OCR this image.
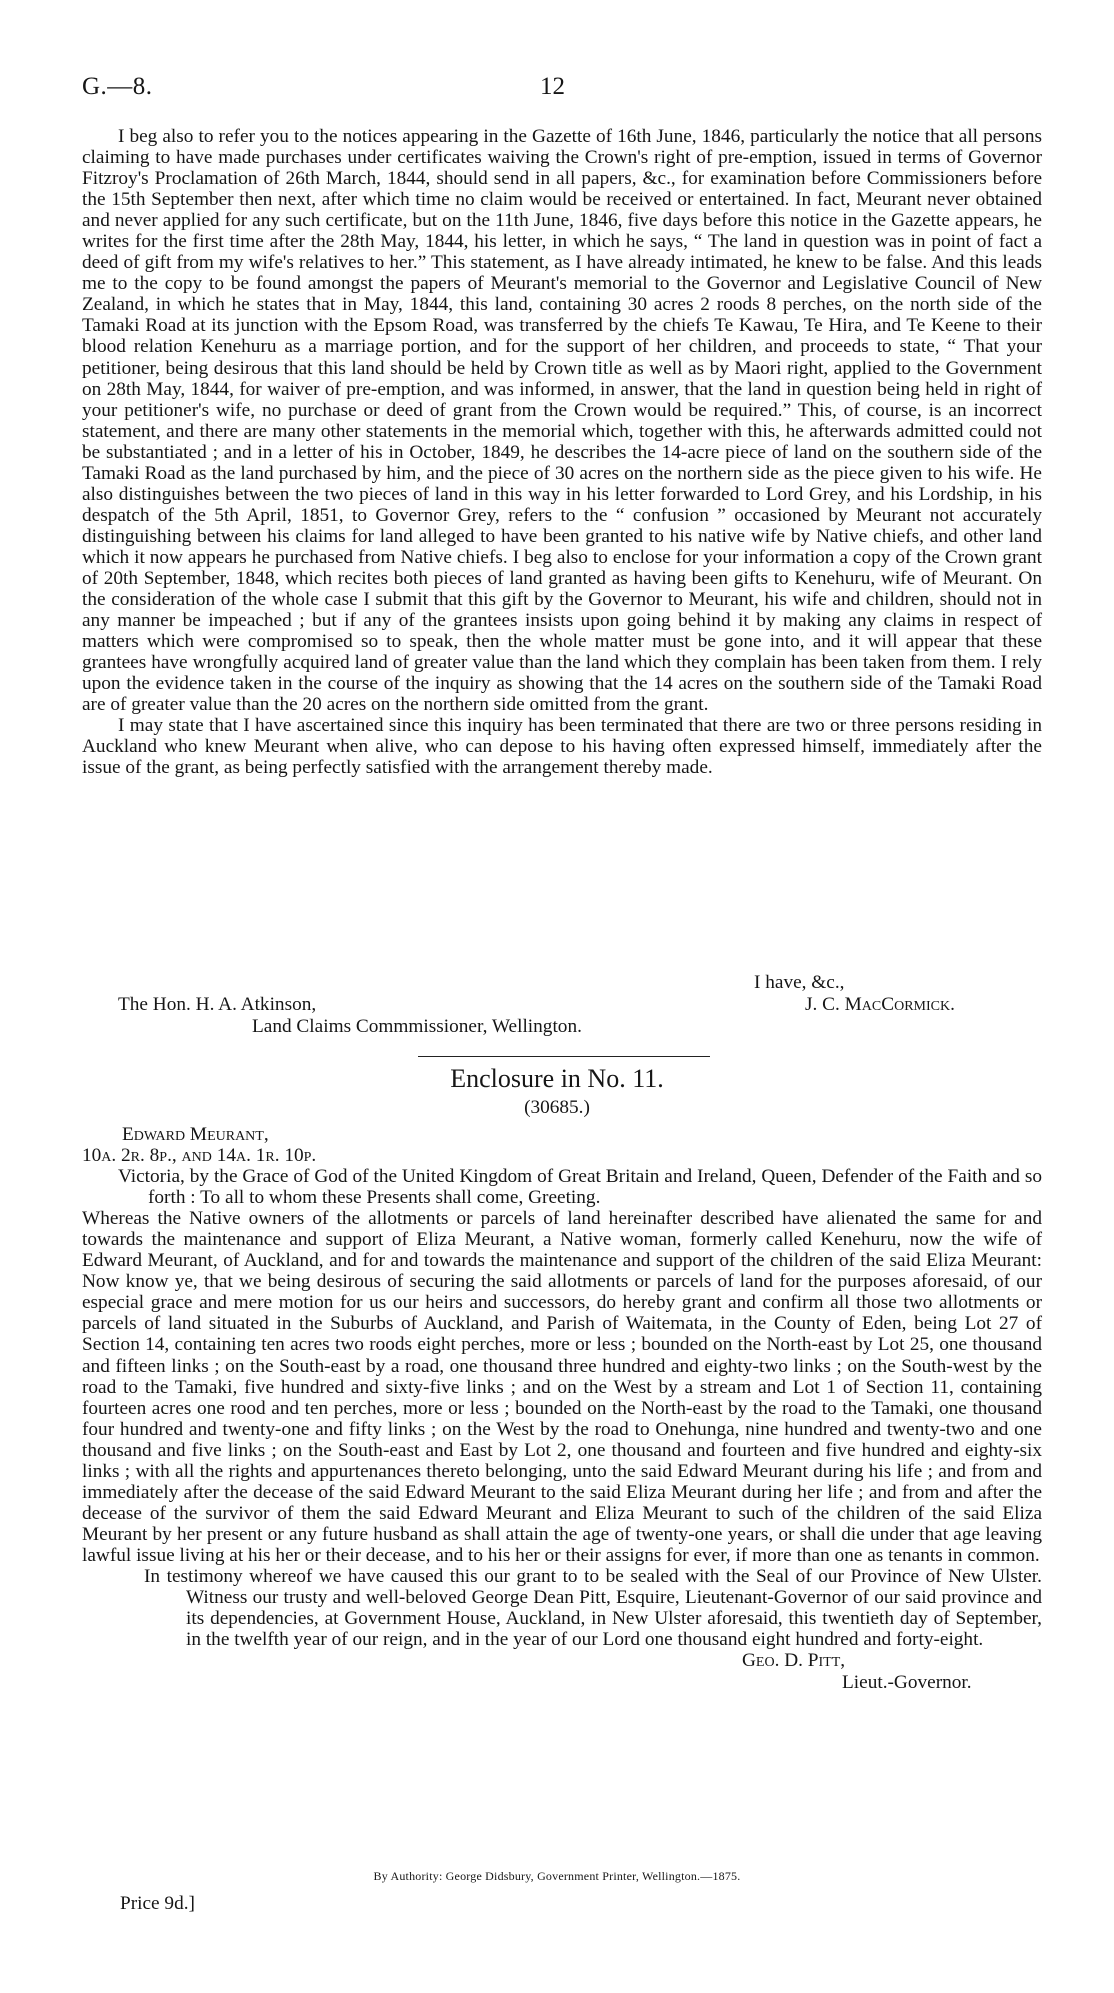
G.—8.	12

I beg also to refer you to the notices appearing in the Gazette of 16th June, 1846, particularly the notice that all persons claiming to have made purchases under certificates waiving the Crown's right of pre-emption, issued in terms of Governor Fitzroy's Proclamation of 26th March, 1844, should send in all papers, &c., for examination before Commissioners before the 15th September then next, after which time no claim would be received or entertained. In fact, Meurant never obtained and never applied for any such certificate, but on the 11th June, 1846, five days before this notice in the Gazette appears, he writes for the first time after the 28th May, 1844, his letter, in which he says, “ The land in question was in point of fact a deed of gift from my wife's relatives to her.” This statement, as I have already intimated, he knew to be false. And this leads me to the copy to be found amongst the papers of Meurant's memorial to the Governor and Legislative Council of New Zealand, in which he states that in May, 1844, this land, containing 30 acres 2 roods 8 perches, on the north side of the Tamaki Road at its junction with the Epsom Road, was transferred by the chiefs Te Kawau, Te Hira, and Te Keene to their blood relation Kenehuru as a marriage portion, and for the support of her children, and proceeds to state, “ That your petitioner, being desirous that this land should be held by Crown title as well as by Maori right, applied to the Government on 28th May, 1844, for waiver of pre-emption, and was informed, in answer, that the land in question being held in right of your petitioner's wife, no purchase or deed of grant from the Crown would be required.” This, of course, is an incorrect statement, and there are many other statements in the memorial which, together with this, he afterwards admitted could not be substantiated ; and in a letter of his in October, 1849, he describes the 14-acre piece of land on the southern side of the Tamaki Road as the land purchased by him, and the piece of 30 acres on the northern side as the piece given to his wife. He also distinguishes between the two pieces of land in this way in his letter forwarded to Lord Grey, and his Lordship, in his despatch of the 5th April, 1851, to Governor Grey, refers to the “ confusion ” occasioned by Meurant not accurately distinguishing between his claims for land alleged to have been granted to his native wife by Native chiefs, and other land which it now appears he purchased from Native chiefs. I beg also to enclose for your information a copy of the Crown grant of 20th September, 1848, which recites both pieces of land granted as having been gifts to Kenehuru, wife of Meurant. On the consideration of the whole case I submit that this gift by the Governor to Meurant, his wife and children, should not in any manner be impeached ; but if any of the grantees insists upon going behind it by making any claims in respect of matters which were compromised so to speak, then the whole matter must be gone into, and it will appear that these grantees have wrongfully acquired land of greater value than the land which they complain has been taken from them. I rely upon the evidence taken in the course of the inquiry as showing that the 14 acres on the southern side of the Tamaki Road are of greater value than the 20 acres on the northern side omitted from the grant.

I may state that I have ascertained since this inquiry has been terminated that there are two or three persons residing in Auckland who knew Meurant when alive, who can depose to his having often expressed himself, immediately after the issue of the grant, as being perfectly satisfied with the arrangement thereby made.

I have, &c.,
The Hon. H. A. Atkinson,	J. C. MacCormick.
Land Claims Commmissioner, Wellington.
Enclosure in No. 11.
(30685.)
Edward Meurant,
10a. 2r. 8p., and 14a. 1r. 10p.
Victoria, by the Grace of God of the United Kingdom of Great Britain and Ireland, Queen, Defender of the Faith and so forth : To all to whom these Presents shall come, Greeting.
Whereas the Native owners of the allotments or parcels of land hereinafter described have alienated the same for and towards the maintenance and support of Eliza Meurant, a Native woman, formerly called Kenehuru, now the wife of Edward Meurant, of Auckland, and for and towards the maintenance and support of the children of the said Eliza Meurant: Now know ye, that we being desirous of securing the said allotments or parcels of land for the purposes aforesaid, of our especial grace and mere motion for us our heirs and successors, do hereby grant and confirm all those two allotments or parcels of land situated in the Suburbs of Auckland, and Parish of Waitemata, in the County of Eden, being Lot 27 of Section 14, containing ten acres two roods eight perches, more or less ; bounded on the North-east by Lot 25, one thousand and fifteen links ; on the South-east by a road, one thousand three hundred and eighty-two links ; on the South-west by the road to the Tamaki, five hundred and sixty-five links ; and on the West by a stream and Lot 1 of Section 11, containing fourteen acres one rood and ten perches, more or less ; bounded on the North-east by the road to the Tamaki, one thousand four hundred and twenty-one and fifty links ; on the West by the road to Onehunga, nine hundred and twenty-two and one thousand and five links ; on the South-east and East by Lot 2, one thousand and fourteen and five hundred and eighty-six links ; with all the rights and appurtenances thereto belonging, unto the said Edward Meurant during his life ; and from and immediately after the decease of the said Edward Meurant to the said Eliza Meurant during her life ; and from and after the decease of the survivor of them the said Edward Meurant and Eliza Meurant to such of the children of the said Eliza Meurant by her present or any future husband as shall attain the age of twenty-one years, or shall die under that age leaving lawful issue living at his her or their decease, and to his her or their assigns for ever, if more than one as tenants in common.
In testimony whereof we have caused this our grant to to be sealed with the Seal of our Province of New Ulster. Witness our trusty and well-beloved George Dean Pitt, Esquire, Lieutenant-Governor of our said province and its dependencies, at Government House, Auckland, in New Ulster aforesaid, this twentieth day of September, in the twelfth year of our reign, and in the year of our Lord one thousand eight hundred and forty-eight.
Geo. D. Pitt,
Lieut.-Governor.
By Authority: George Didsbury, Government Printer, Wellington.—1875.
Price 9d.]
